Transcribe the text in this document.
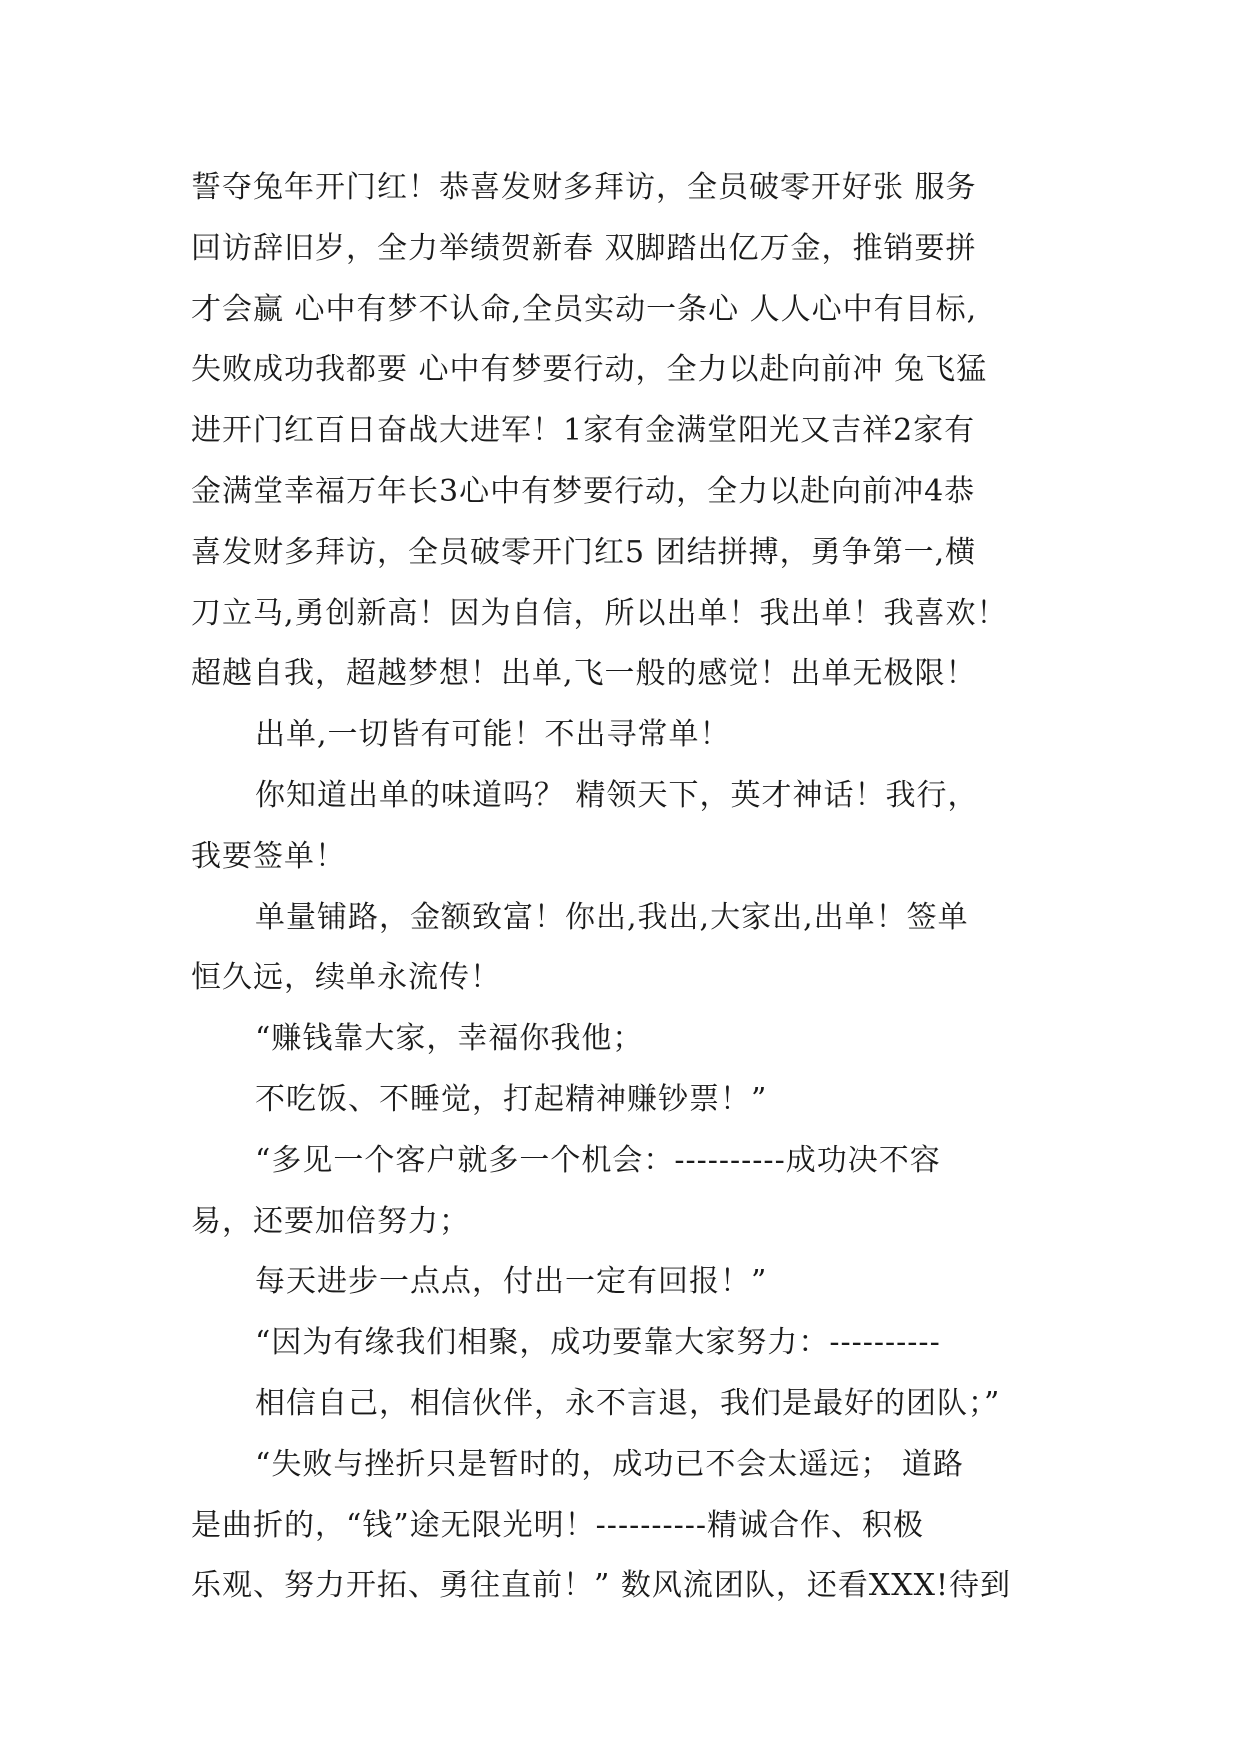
誓夺兔年开门红！恭喜发财多拜访，全员破零开好张 服务
回访辞旧岁，全力举绩贺新春 双脚踏出亿万金，推销要拼
才会赢 心中有梦不认命,全员实动一条心 人人心中有目标,
失败成功我都要 心中有梦要行动，全力以赴向前冲 兔飞猛
进开门红百日奋战大进军！1家有金满堂阳光又吉祥2家有
金满堂幸福万年长3心中有梦要行动，全力以赴向前冲4恭
喜发财多拜访，全员破零开门红5 团结拼搏，勇争第一,横
刀立马,勇创新高！因为自信，所以出单！我出单！我喜欢！
超越自我，超越梦想！出单,飞一般的感觉！出单无极限！
出单,一切皆有可能！不出寻常单！
你知道出单的味道吗？ 精领天下，英才神话！我行，
我要签单！
单量铺路，金额致富！你出,我出,大家出,出单！签单
恒久远，续单永流传！
“赚钱靠大家，幸福你我他；
不吃饭、不睡觉，打起精神赚钞票！”
“多见一个客户就多一个机会：----------成功决不容
易，还要加倍努力；
每天进步一点点，付出一定有回报！”
“因为有缘我们相聚，成功要靠大家努力：----------
相信自己，相信伙伴，永不言退，我们是最好的团队；”
“失败与挫折只是暂时的，成功已不会太遥远； 道路
是曲折的，“钱”途无限光明！----------精诚合作、积极
乐观、努力开拓、勇往直前！” 数风流团队，还看XXX!待到
